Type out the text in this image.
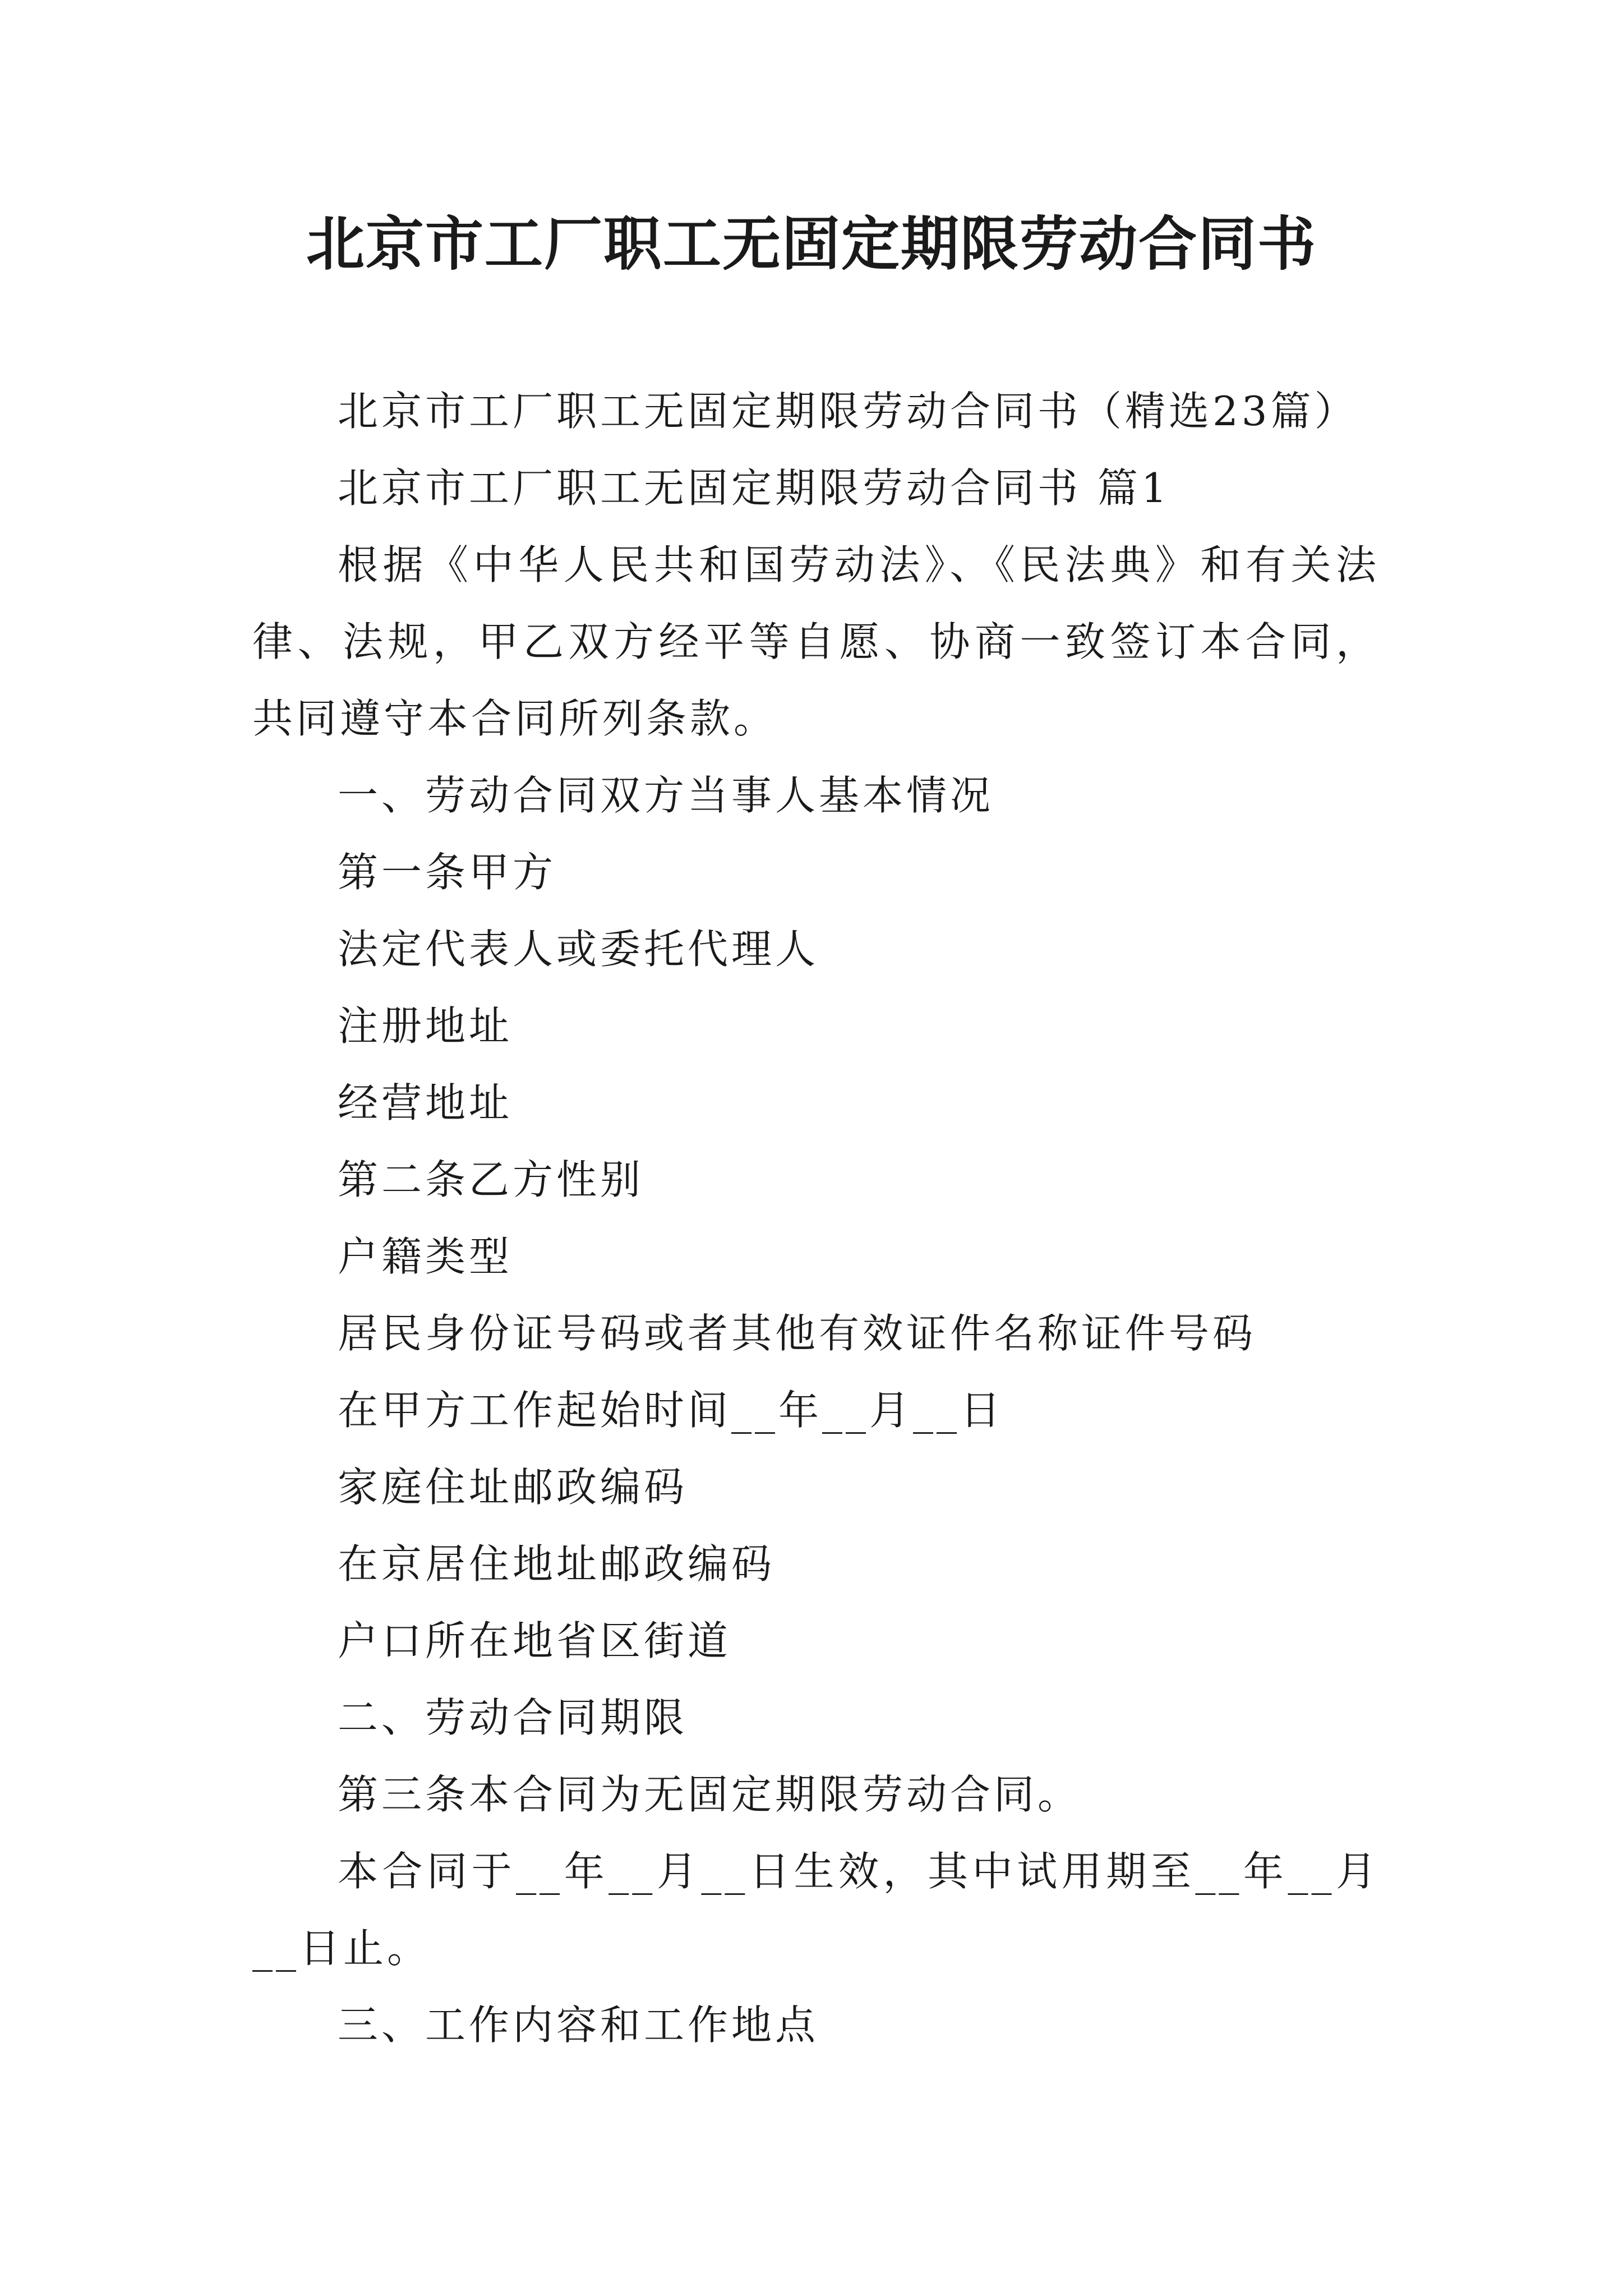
北京市工厂职工无固定期限劳动合同书

北京市工厂职工无固定期限劳动合同书（精选23篇）

北京市工厂职工无固定期限劳动合同书 篇1

根据《中华人民共和国劳动法》、《民法典》和有关法律、法规，甲乙双方经平等自愿、协商一致签订本合同，共同遵守本合同所列条款。

一、劳动合同双方当事人基本情况

第一条甲方

法定代表人或委托代理人

注册地址

经营地址

第二条乙方性别

户籍类型

居民身份证号码或者其他有效证件名称证件号码

在甲方工作起始时间__年__月__日

家庭住址邮政编码

在京居住地址邮政编码

户口所在地省区街道

二、劳动合同期限

第三条本合同为无固定期限劳动合同。

本合同于__年__月__日生效，其中试用期至__年__月__日止。

三、工作内容和工作地点
